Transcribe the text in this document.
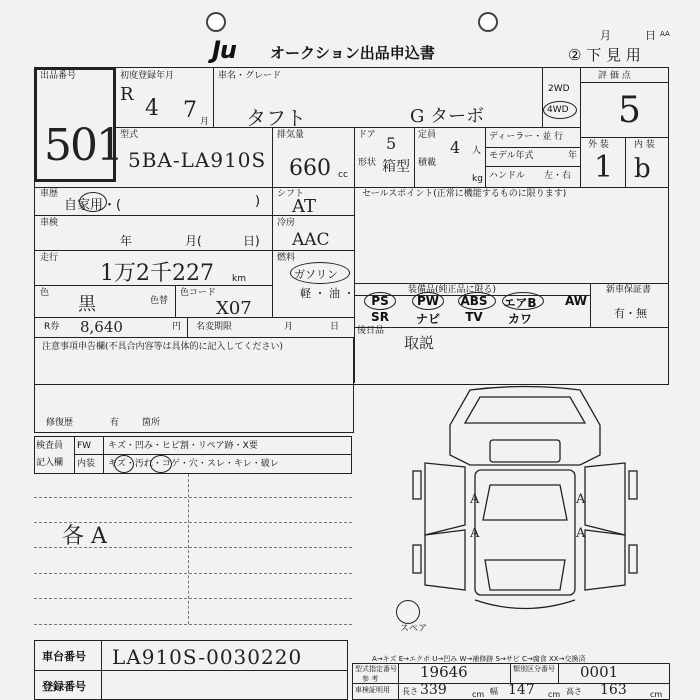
月	日 AA
Ju オークション出品申込書	② 下 見 用
出品番号
501
初度登録年月
R
4 7 月
車名・グレード
タフト	G ターボ
2WD
4WD
評 価 点
5
型式
5BA-LA910S
排気量
660 cc
ドア 5
形状 箱型
定員
4 人
積載
kg
ディーラー・並 行
モデル年式	年
ハンドル 左・右
外 装	内 装
1 b
車歴
自家用・(	) シフト
AT
セールスポイント(正常に機能するものに限ります)
車検
年	月(	日)
冷房
AAC
走行
1万2千227 km
燃料
ガソリン
軽 ・ 油 ・
色
黒	色替
色コード
X07
装備品(純正品に限る)	新車保証書
有・無
PS	PW	ABS	エアB	AW
SR	ナビ	TV	カワ
R券 8,640	円 名変期限	月	日 後日品
取説
注意事項申告欄(不具合内容等は具体的に記入してください)
修復歴	有	箇所
検査員
記入欄
FW キズ・凹み・ヒビ割・リペア跡・X要
内装 キズ・汚れ・コゲ・穴・スレ・キレ・破レ
各 A
A	A
A	A
スペア
A→キズ E→エクボ U→凹み W→補修跡 S→サビ C→腐食 XX→交換済
車台番号 LA910S-0030220
登録番号
型式指定番号
参 考	19646	類別区分番号 0001
車検証明用 長さ 339	cm 幅 147 cm 高さ 163	cm
